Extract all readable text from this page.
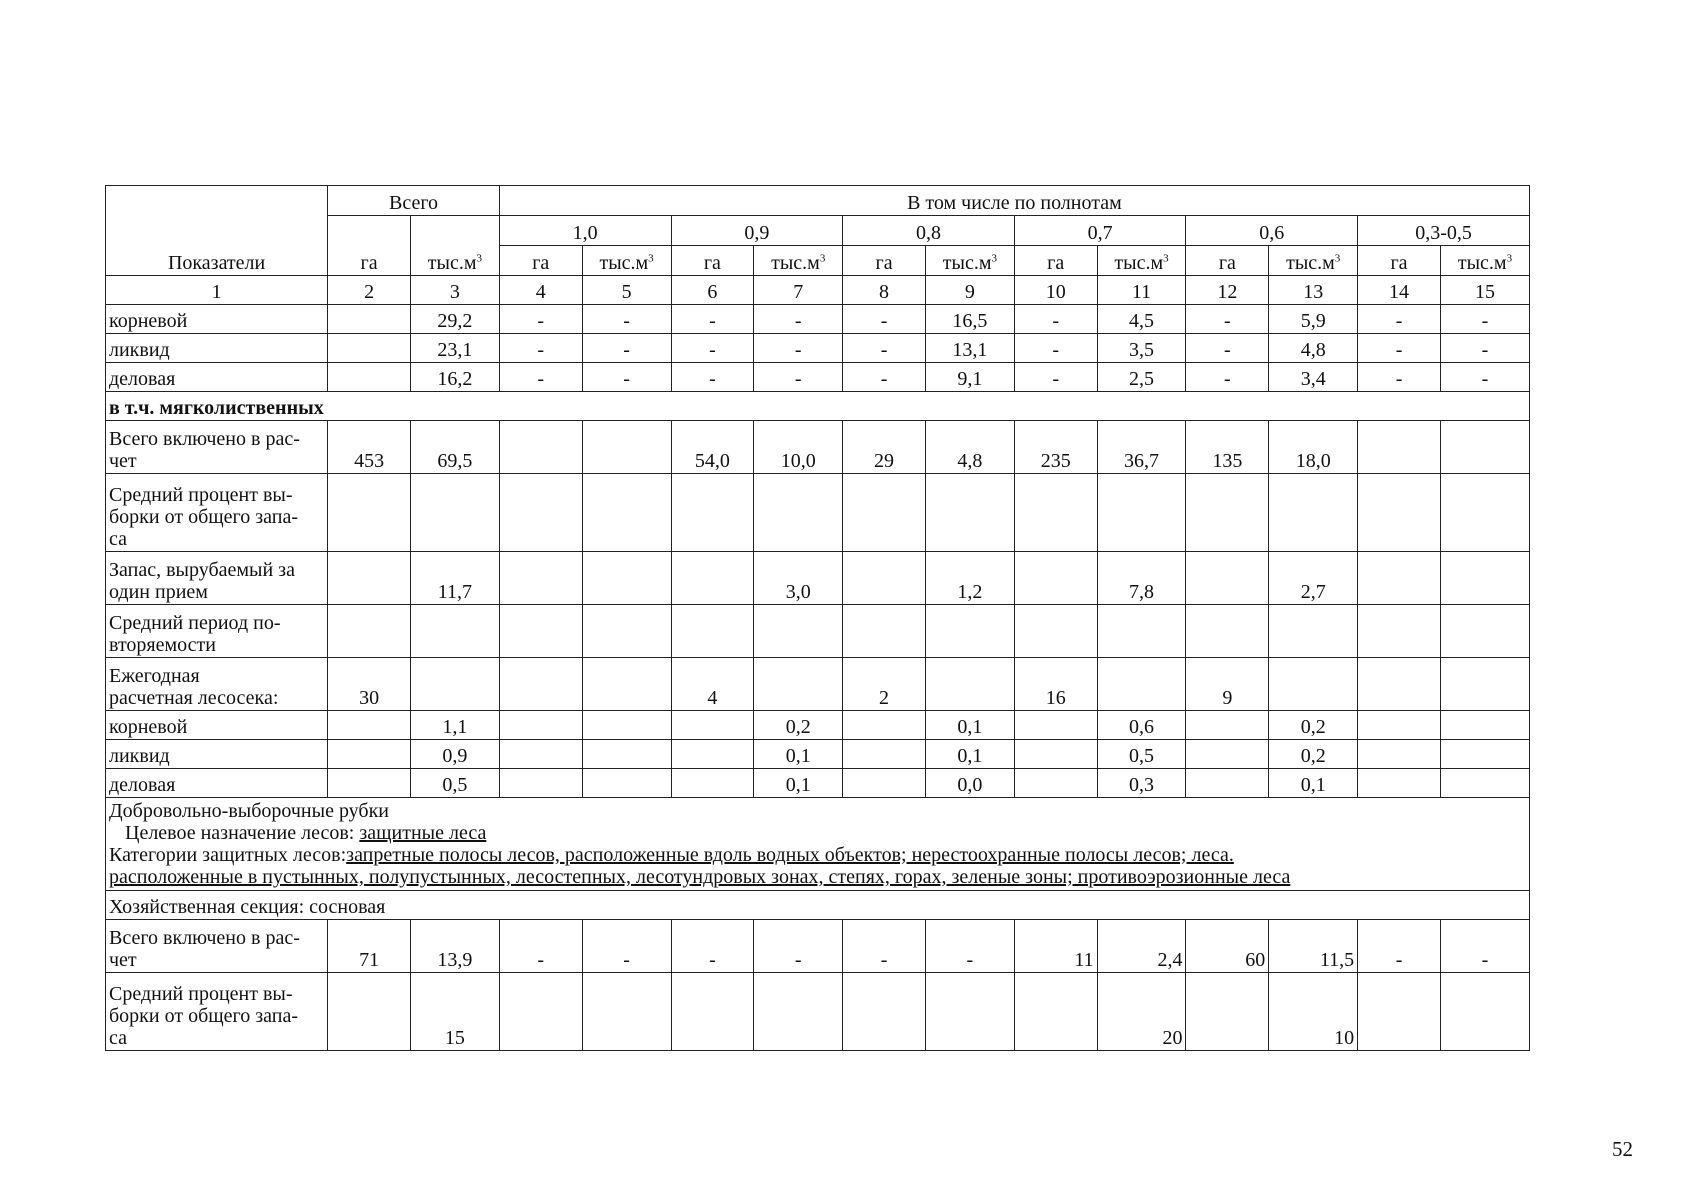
Показатели	Всего		В том числе по полнотам											
	га	$тыс.м^3$	1,0		0,9		0,8		0,7		0,6		0,3-0,5	
			га	$тыс.м^3$	га	$тыс.м^3$	га	$тыс.м^3$	га	$тыс.м^3$	га	$тыс.м^3$	га	$тыс.м^3$
1	2	3	4	5	6	7	8	9	10	11	12	13	14	15
корневой		29,2	-	-	-	-	-	16,5	-	4,5	-	5,9	-	-
ликвид		23,1	-	-	-	-	-	13,1	-	3,5	-	4,8	-	-
деловая		16,2	-	-	-	-	-	9,1	-	2,5	-	3,4	-	-
в т.ч. мягколиственных														

Всего включено в рас-
чет	453	69,5			54,0	10,0	29	4,8	235	36,7	135	18,0		

Средний процент вы-
борки от общего запа-
са														

Запас, вырубаемый за
один прием		11,7				3,0		1,2		7,8		2,7		

Средний период по-
вторяемости														

Ежегодная
расчетная лесосека:	30				4		2		16		9			
корневой		1,1				0,2		0,1		0,6		0,2		
ликвид		0,9				0,1		0,1		0,5		0,2		
деловая		0,5				0,1		0,0		0,3		0,1		

Добровольно-выборочные рубки
Целевое назначение лесов: защитные леса
Категории защитных лесов:запретные полосы лесов, расположенные вдоль водных объектов; нерестоохранные полосы лесов; леса.
расположенные в пустынных, полупустынных, лесостепных, лесотундровых зонах, степях, горах, зеленые зоны; противоэрозионные леса														

Хозяйственная секция: сосновая														

Всего включено в рас-
чет	71	13,9	-	-	-	-	-	-	11	2,4	60	11,5	-	-

Средний процент вы-
борки от общего запа-
са		15								20		10		
52
